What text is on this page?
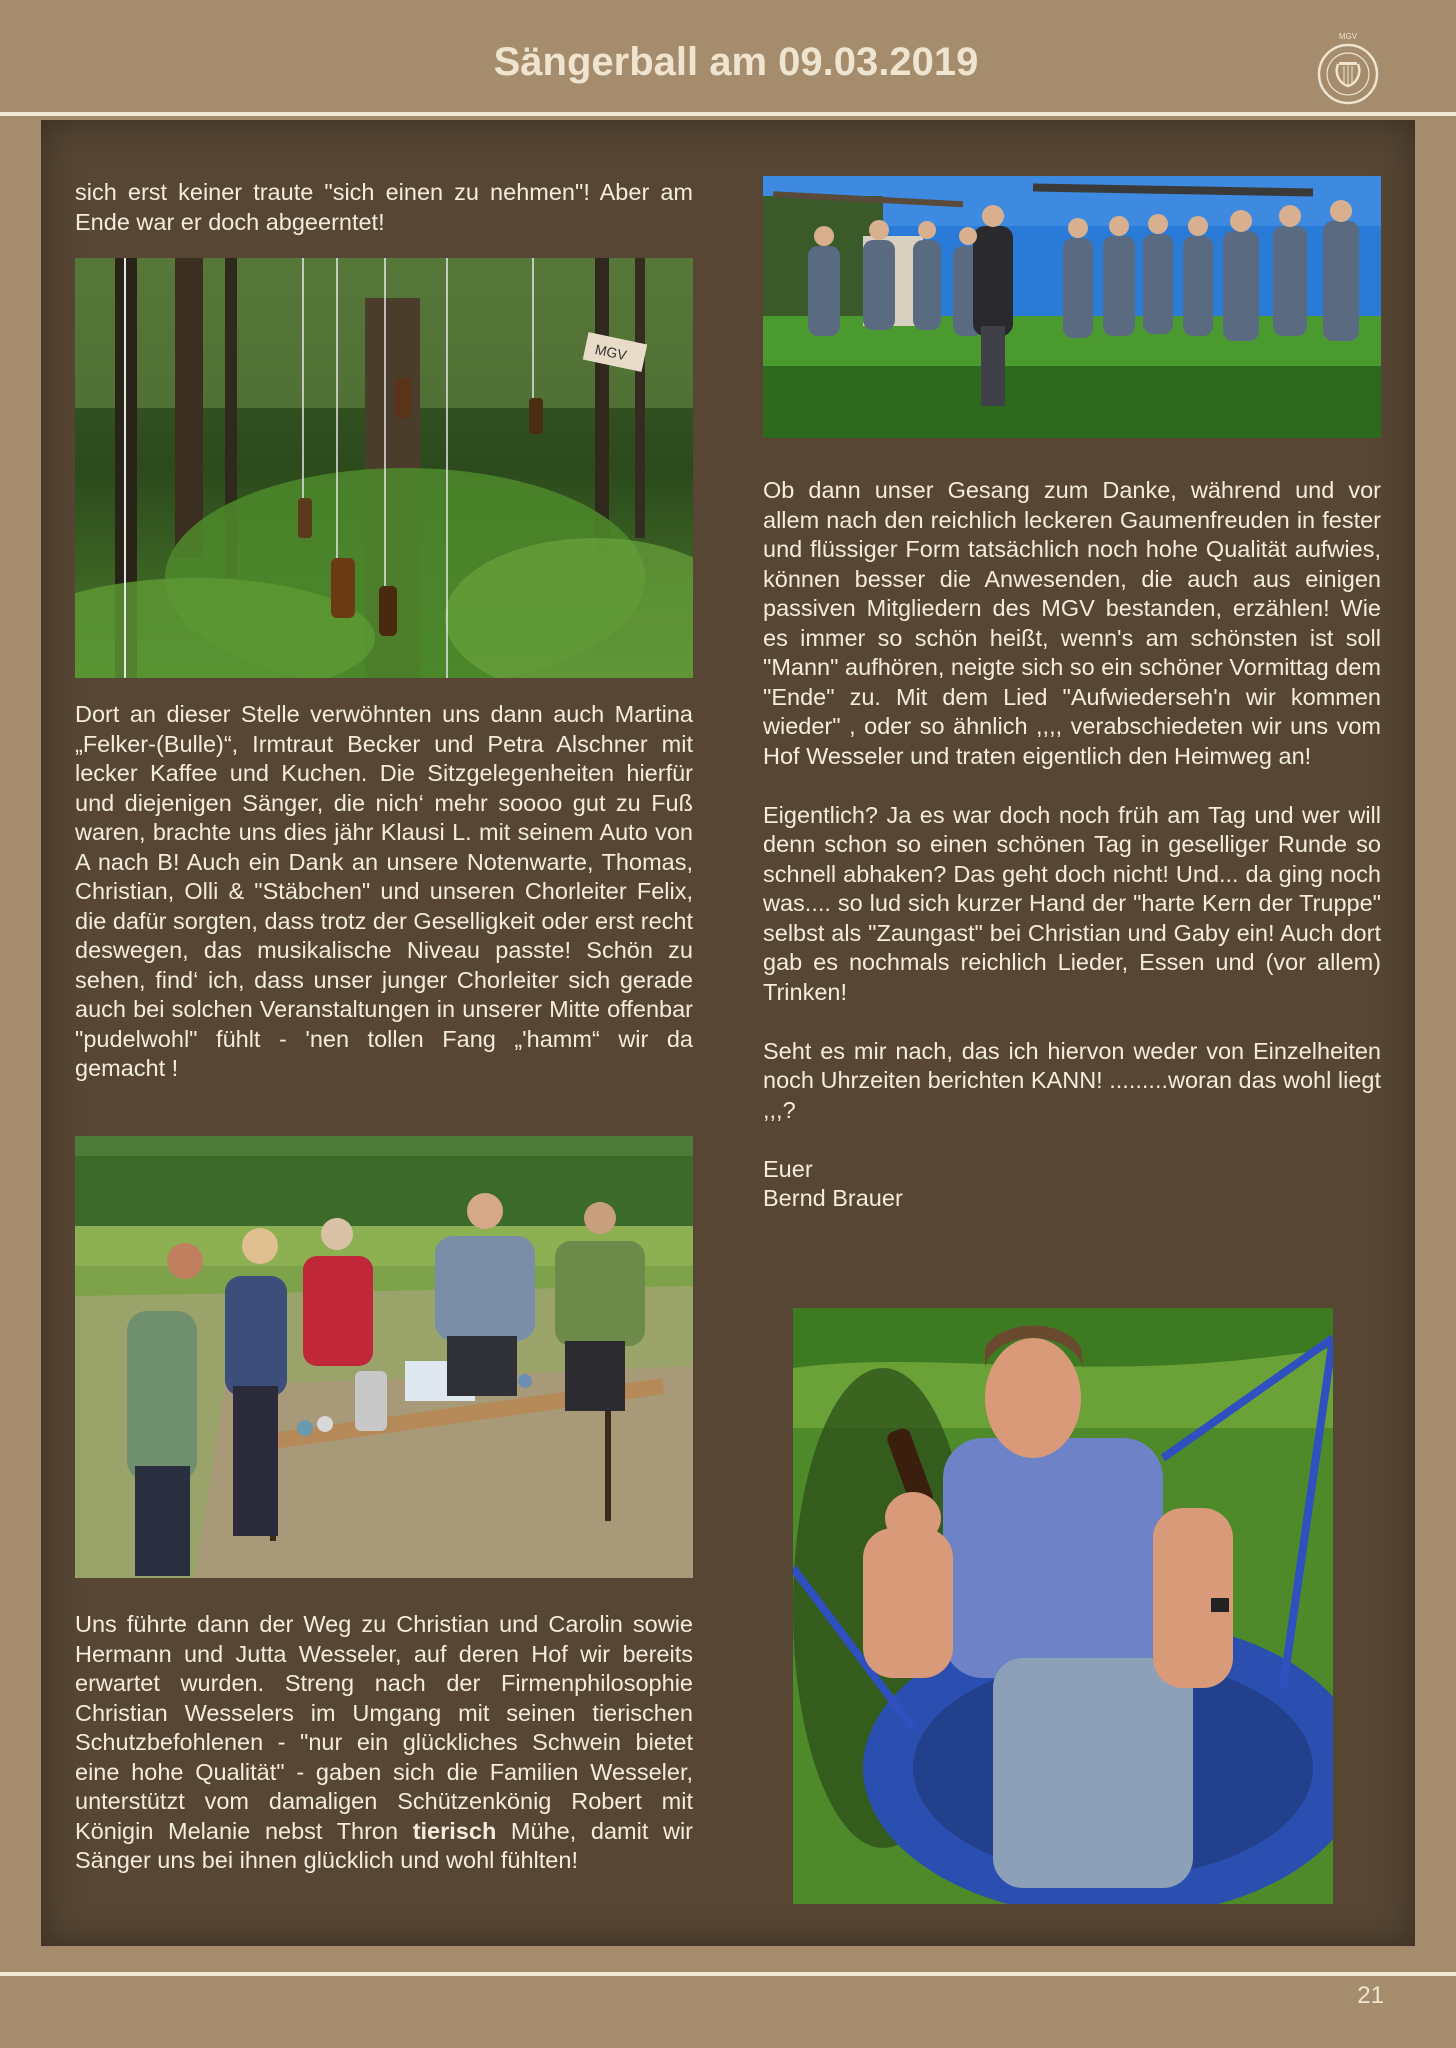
Sängerball am 09.03.2019
MGV

sich erst keiner traute "sich einen zu nehmen"! Aber am Ende war er doch abgeerntet!

MGV

Dort an dieser Stelle verwöhnten uns dann auch Martina „Felker-(Bulle)“, Irmtraut Becker und Petra Alschner mit lecker Kaffee und Kuchen. Die Sitzgelegenheiten hierfür und diejenigen Sänger, die nich‘ mehr soooo gut zu Fuß waren, brachte uns dies jähr Klausi L. mit seinem Auto von A nach B! Auch ein Dank an unsere Notenwarte, Thomas, Christian, Olli & "Stäbchen" und unseren Chorleiter Felix, die dafür sorgten, dass trotz der Geselligkeit oder erst recht deswegen, das musikalische Niveau passte! Schön zu sehen, find‘ ich, dass unser junger Chorleiter sich gerade auch bei solchen Veranstaltungen in unserer Mitte offenbar "pudelwohl" fühlt - 'nen tollen Fang „'hamm“ wir da gemacht !

Uns führte dann der Weg zu Christian und Carolin sowie Hermann und Jutta Wesseler, auf deren Hof wir bereits erwartet wurden. Streng nach der Firmenphilosophie Christian Wesselers im Umgang mit seinen tierischen Schutzbefohlenen - "nur ein glückliches Schwein bietet eine hohe Qualität" - gaben sich die Familien Wesseler, unterstützt vom damaligen Schützenkönig Robert mit Königin Melanie nebst Thron tierisch Mühe, damit wir Sänger uns bei ihnen glücklich und wohl fühlten!

Ob dann unser Gesang zum Danke, während und vor allem nach den reichlich leckeren Gaumenfreuden in fester und flüssiger Form tatsächlich noch hohe Qualität aufwies, können besser die Anwesenden, die auch aus einigen passiven Mitgliedern des MGV bestanden, erzählen! Wie es immer so schön heißt, wenn's am schönsten ist soll "Mann" aufhören, neigte sich so ein schöner Vormittag dem "Ende" zu. Mit dem Lied "Aufwiederseh'n wir kommen wieder" , oder so ähnlich ,,,, verabschiedeten wir uns vom Hof Wesseler und traten eigentlich den Heimweg an!

Eigentlich? Ja es war doch noch früh am Tag und wer will denn schon so einen schönen Tag in geselliger Runde so schnell abhaken? Das geht doch nicht! Und... da ging noch was.... so lud sich kurzer Hand der "harte Kern der Truppe" selbst als "Zaungast" bei Christian und Gaby ein! Auch dort gab es nochmals reichlich Lieder, Essen und (vor allem) Trinken!

Seht es mir nach, das ich hiervon weder von Einzelheiten noch Uhrzeiten berichten KANN! .........woran das wohl liegt ,,,?

Euer

Bernd Brauer

21
